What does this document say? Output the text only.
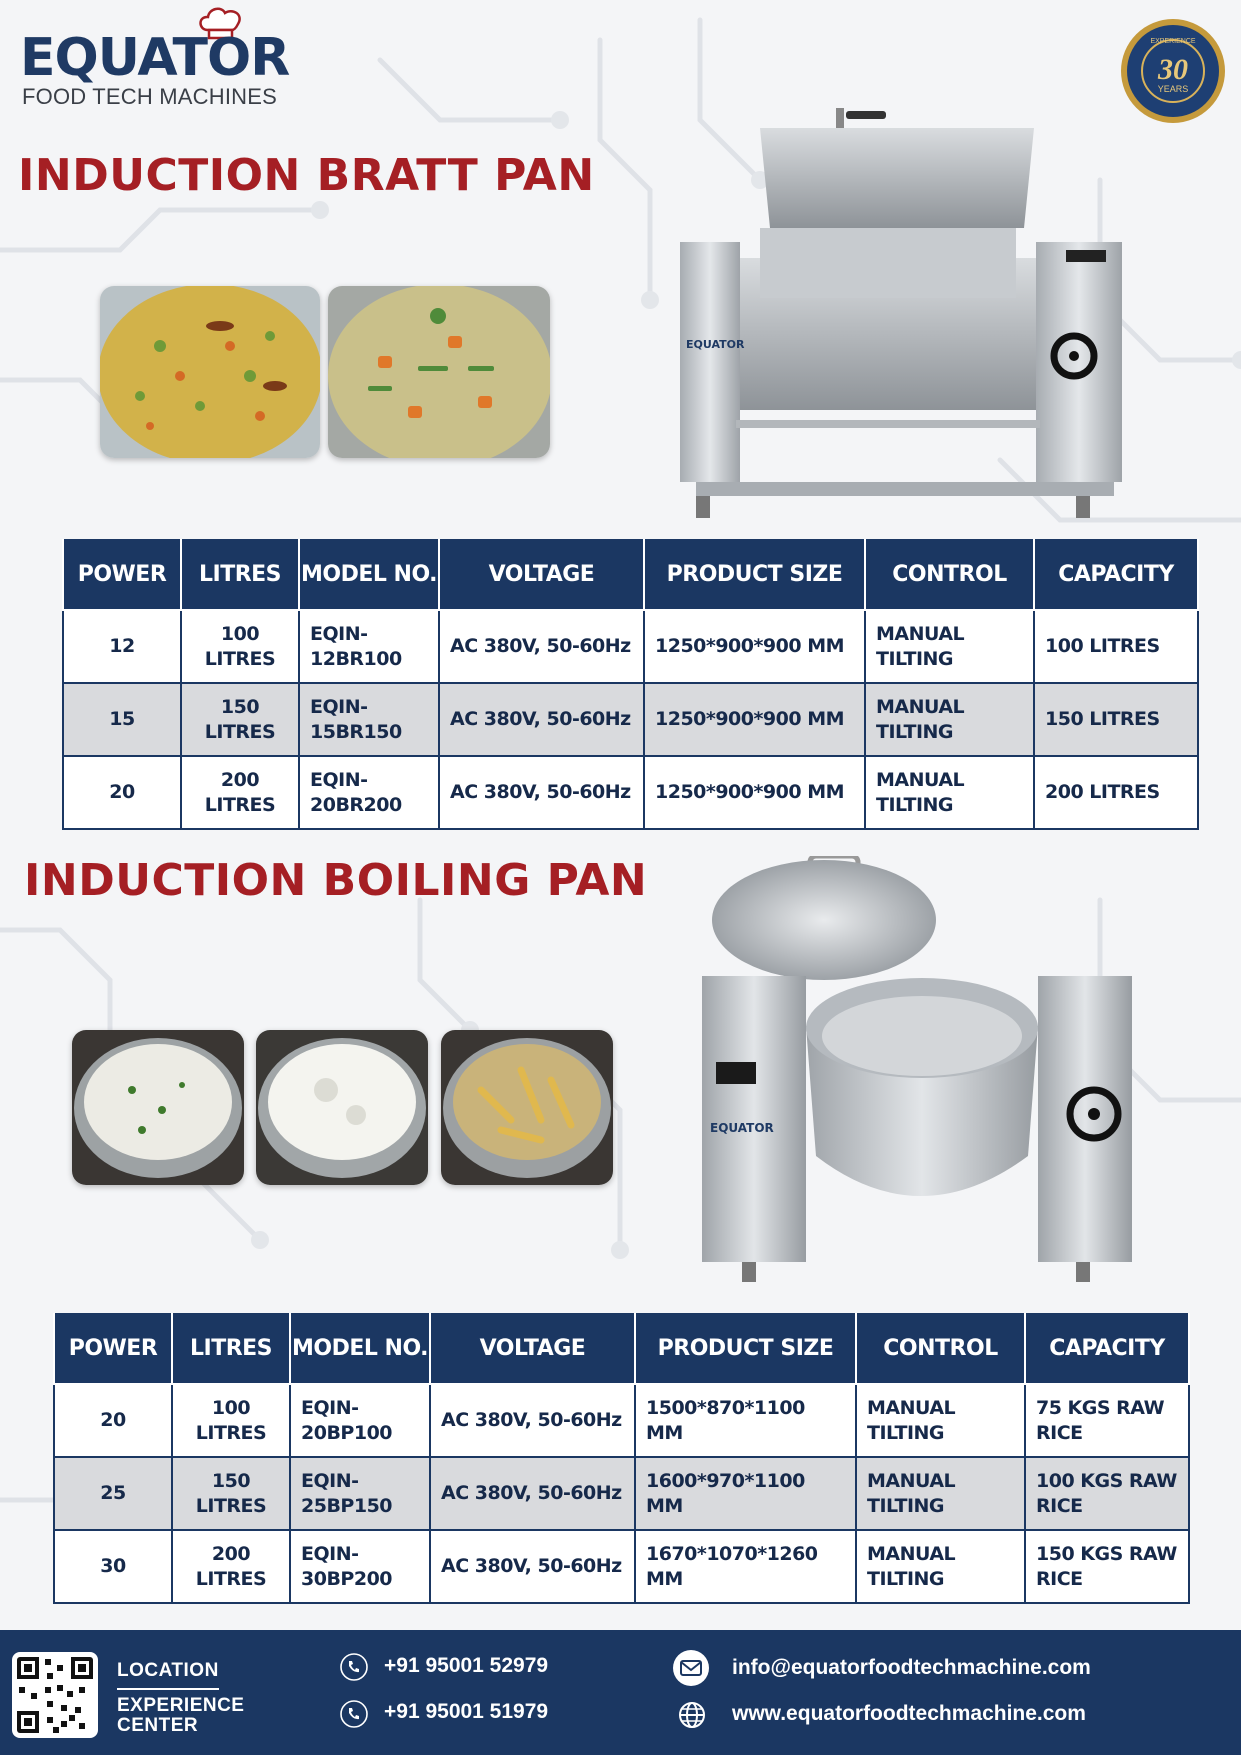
EQUATOR
FOOD TECH MACHINES
EXPERIENCE
30
YEARS
INDUCTION BRATT PAN
EQUATOR
POWER	LITRES	MODEL NO.	VOLTAGE	PRODUCT SIZE	CONTROL	CAPACITY
12	100 LITRES	EQIN-12BR100	AC 380V, 50-60Hz	1250*900*900 MM	MANUAL TILTING	100 LITRES
15	150 LITRES	EQIN-15BR150	AC 380V, 50-60Hz	1250*900*900 MM	MANUAL TILTING	150 LITRES
20	200 LITRES	EQIN-20BR200	AC 380V, 50-60Hz	1250*900*900 MM	MANUAL TILTING	200 LITRES
INDUCTION BOILING PAN
EQUATOR
POWER	LITRES	MODEL NO.	VOLTAGE	PRODUCT SIZE	CONTROL	CAPACITY
20	100 LITRES	EQIN-20BP100	AC 380V, 50-60Hz	1500*870*1100 MM	MANUAL TILTING	75 KGS RAW RICE
25	150 LITRES	EQIN-25BP150	AC 380V, 50-60Hz	1600*970*1100 MM	MANUAL TILTING	100 KGS RAW RICE
30	200 LITRES	EQIN-30BP200	AC 380V, 50-60Hz	1670*1070*1260 MM	MANUAL TILTING	150 KGS RAW RICE
LOCATION
EXPERIENCE CENTER
+91 95001 52979
+91 95001 51979
info@equatorfoodtechmachine.com
www.equatorfoodtechmachine.com
